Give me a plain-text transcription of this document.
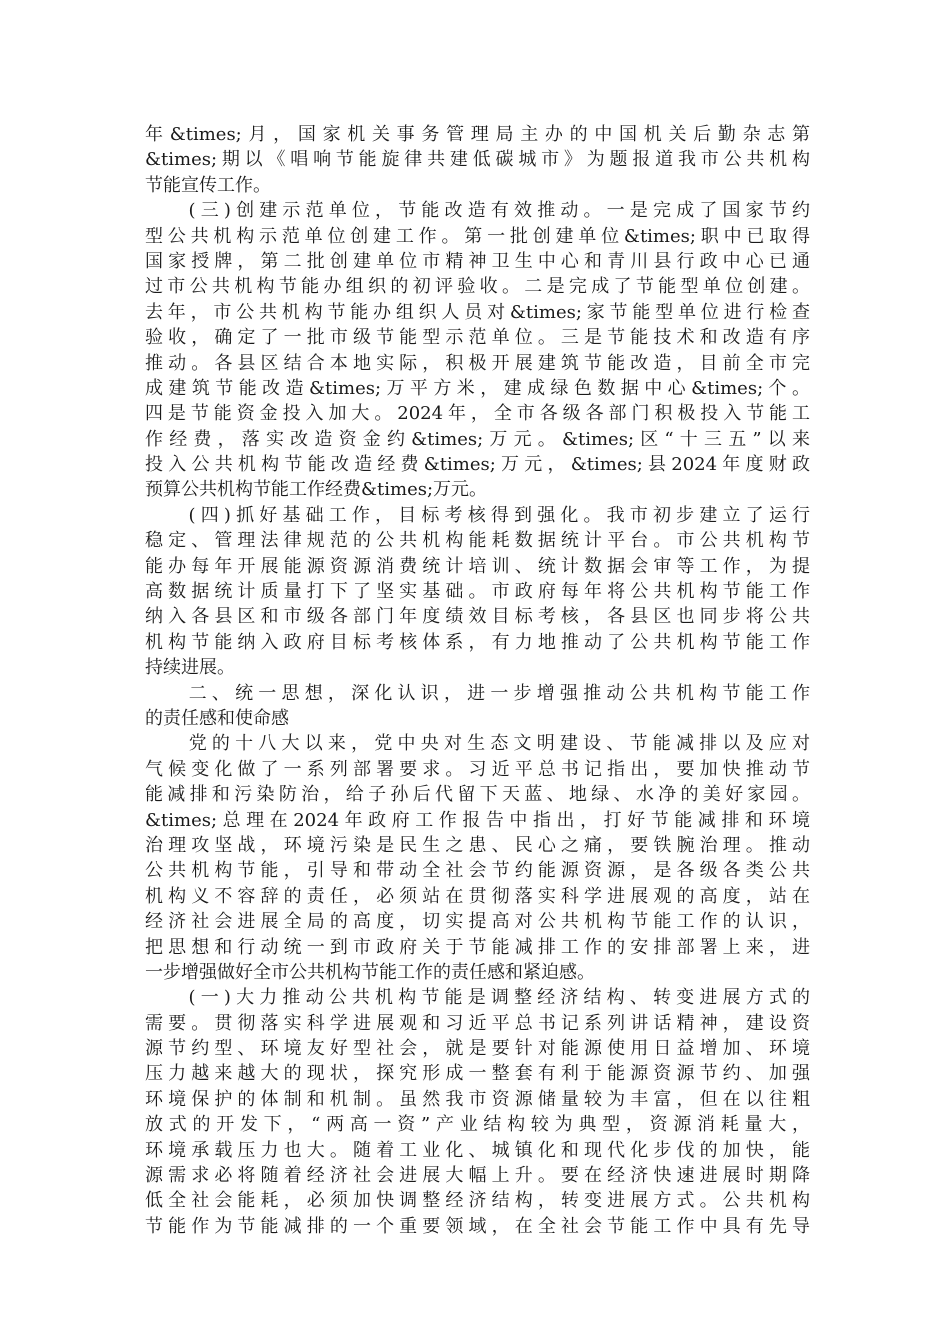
年&times;月，国家机关事务管理局主办的中国机关后勤杂志第
&times;期以《唱响节能旋律共建低碳城市》为题报道我市公共机构
节能宣传工作。
(三)创建示范单位，节能改造有效推动。一是完成了国家节约
型公共机构示范单位创建工作。第一批创建单位&times;职中已取得
国家授牌，第二批创建单位市精神卫生中心和青川县行政中心已通
过市公共机构节能办组织的初评验收。二是完成了节能型单位创建。
去年，市公共机构节能办组织人员对&times;家节能型单位进行检查
验收，确定了一批市级节能型示范单位。三是节能技术和改造有序
推动。各县区结合本地实际，积极开展建筑节能改造，目前全市完
成建筑节能改造&times;万平方米，建成绿色数据中心&times;个。
四是节能资金投入加大。2024年，全市各级各部门积极投入节能工
作经费，落实改造资金约&times;万元。&times;区“十三五”以来
投入公共机构节能改造经费&times;万元，&times;县2024年度财政
预算公共机构节能工作经费&times;万元。
(四)抓好基础工作，目标考核得到强化。我市初步建立了运行
稳定、管理法律规范的公共机构能耗数据统计平台。市公共机构节
能办每年开展能源资源消费统计培训、统计数据会审等工作，为提
高数据统计质量打下了坚实基础。市政府每年将公共机构节能工作
纳入各县区和市级各部门年度绩效目标考核，各县区也同步将公共
机构节能纳入政府目标考核体系，有力地推动了公共机构节能工作
持续进展。
二、统一思想，深化认识，进一步增强推动公共机构节能工作
的责任感和使命感
党的十八大以来，党中央对生态文明建设、节能减排以及应对
气候变化做了一系列部署要求。习近平总书记指出，要加快推动节
能减排和污染防治，给子孙后代留下天蓝、地绿、水净的美好家园。
&times;总理在2024年政府工作报告中指出，打好节能减排和环境
治理攻坚战，环境污染是民生之患、民心之痛，要铁腕治理。推动
公共机构节能，引导和带动全社会节约能源资源，是各级各类公共
机构义不容辞的责任，必须站在贯彻落实科学进展观的高度，站在
经济社会进展全局的高度，切实提高对公共机构节能工作的认识，
把思想和行动统一到市政府关于节能减排工作的安排部署上来，进
一步增强做好全市公共机构节能工作的责任感和紧迫感。
(一)大力推动公共机构节能是调整经济结构、转变进展方式的
需要。贯彻落实科学进展观和习近平总书记系列讲话精神，建设资
源节约型、环境友好型社会，就是要针对能源使用日益增加、环境
压力越来越大的现状，探究形成一整套有利于能源资源节约、加强
环境保护的体制和机制。虽然我市资源储量较为丰富，但在以往粗
放式的开发下，“两高一资”产业结构较为典型，资源消耗量大，
环境承载压力也大。随着工业化、城镇化和现代化步伐的加快，能
源需求必将随着经济社会进展大幅上升。要在经济快速进展时期降
低全社会能耗，必须加快调整经济结构，转变进展方式。公共机构
节能作为节能减排的一个重要领域，在全社会节能工作中具有先导
